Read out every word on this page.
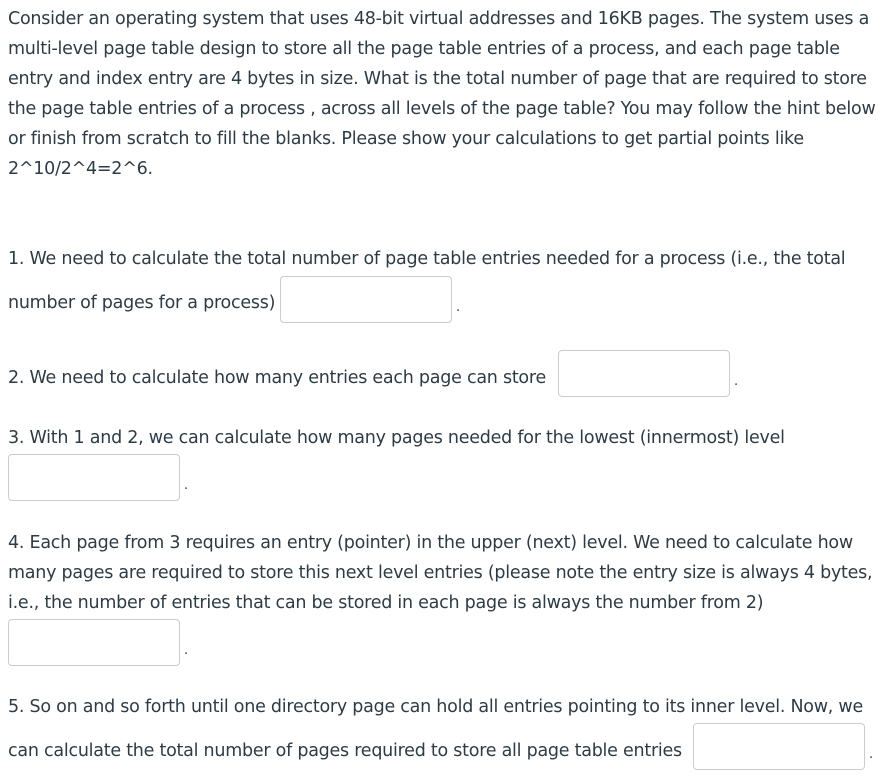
Consider an operating system that uses 48-bit virtual addresses and 16KB pages. The system uses a multi-level page table design to store all the page table entries of a process, and each page table entry and index entry are 4 bytes in size. What is the total number of page that are required to store the page table entries of a process , across all levels of the page table? You may follow the hint below or finish from scratch to fill the blanks. Please show your calculations to get partial points like 2^10/2^4=2^6.

1. We need to calculate the total number of page table entries needed for a process (i.e., the total
number of pages for a process)	.
2. We need to calculate how many entries each page can store	.
3. With 1 and 2, we can calculate how many pages needed for the lowest (innermost) level
.

4. Each page from 3 requires an entry (pointer) in the upper (next) level. We need to calculate how many pages are required to store this next level entries (please note the entry size is always 4 bytes, i.e., the number of entries that can be stored in each page is always the number from 2)

.
5. So on and so forth until one directory page can hold all entries pointing to its inner level. Now, we
can calculate the total number of pages required to store all page table entries	.
